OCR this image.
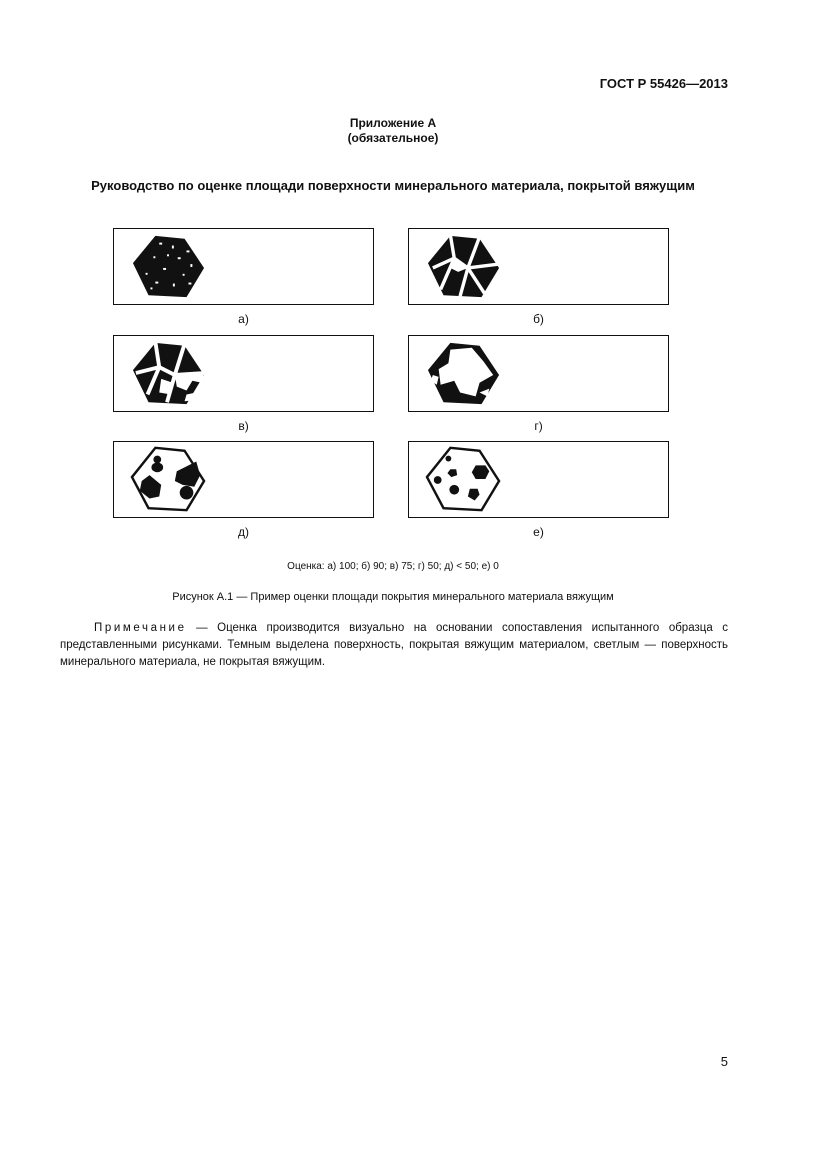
ГОСТ Р 55426—2013
Приложение А
(обязательное)
Руководство по оценке площади поверхности минерального материала, покрытой вяжущим
а)	б)
в)	г)
д)	е)
Оценка: а) 100; б) 90; в) 75; г) 50; д) < 50; е) 0
Рисунок А.1 — Пример оценки площади покрытия минерального материала вяжущим
Примечание — Оценка производится визуально на основании сопоставления испытанного образца с представленными рисунками. Темным выделена поверхность, покрытая вяжущим материалом, светлым — поверхность минерального материала, не покрытая вяжущим.
5
